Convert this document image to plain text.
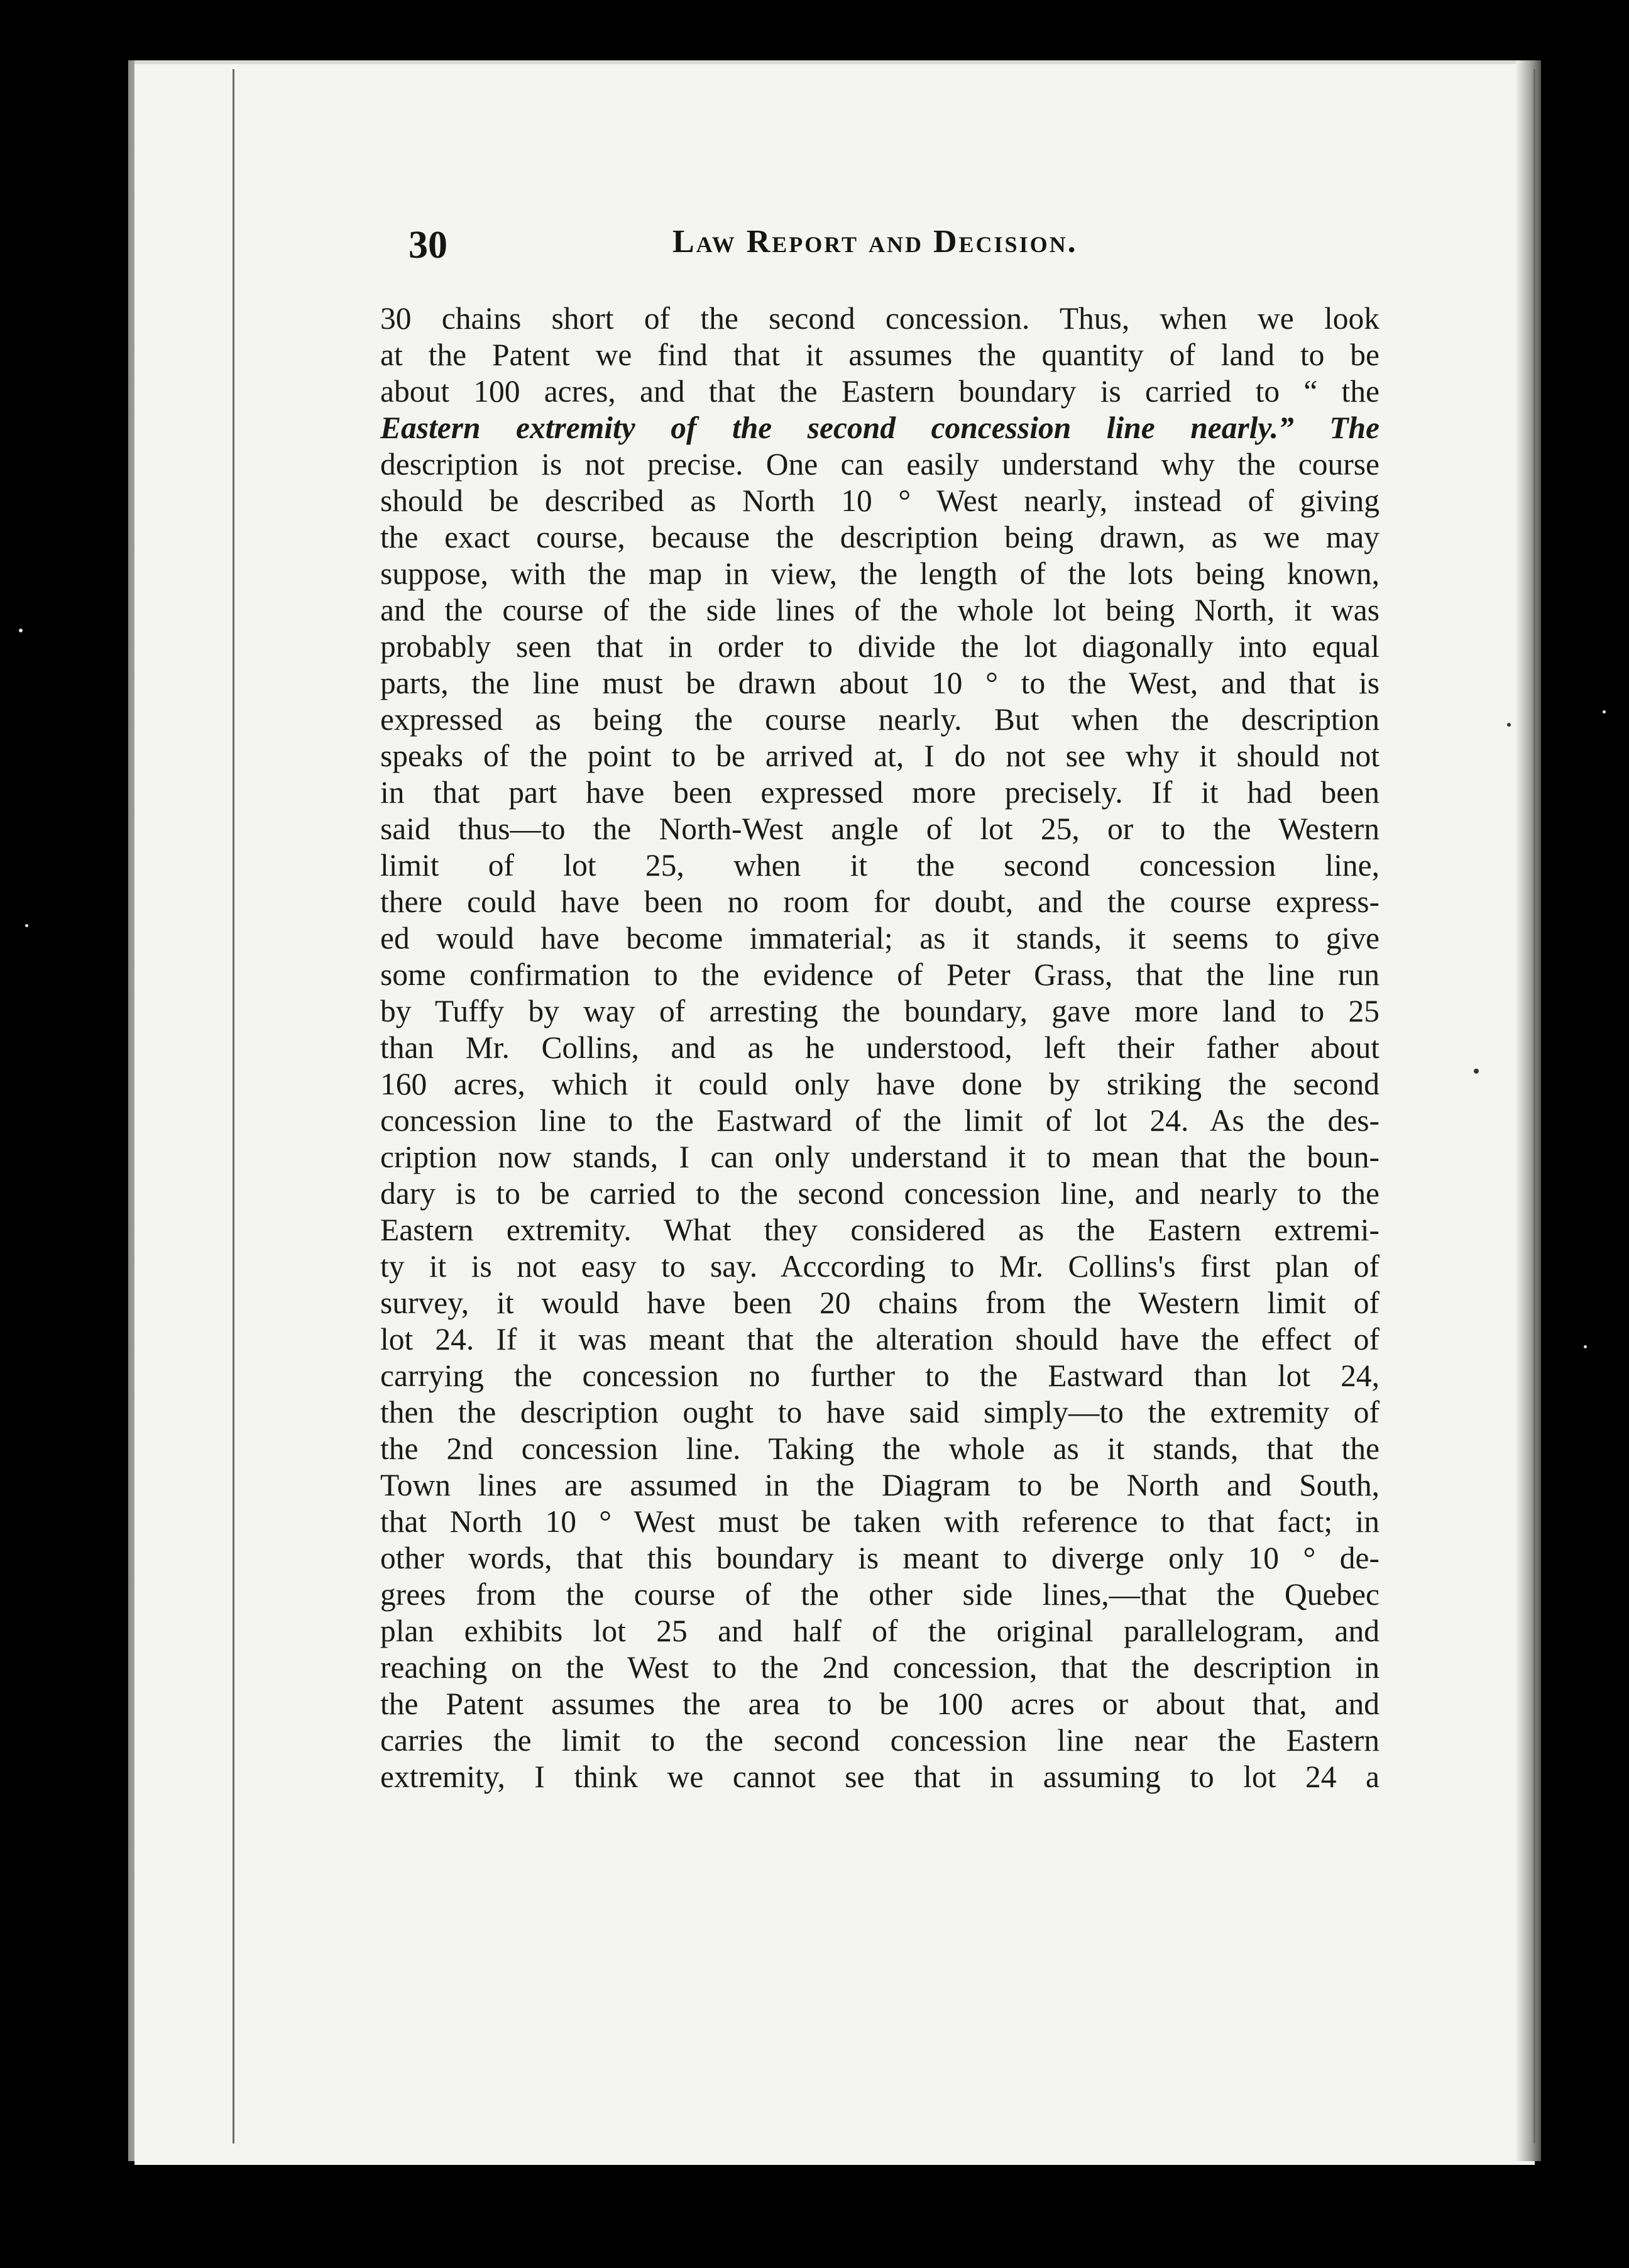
30	Law Report and Decision.
30 chains short of the second concession. Thus, when we look
at the Patent we find that it assumes the quantity of land to be
about 100 acres, and that the Eastern boundary is carried to “ the
Eastern extremity of the second concession line nearly.” The
description is not precise. One can easily understand why the course
should be described as North 10 ° West nearly, instead of giving
the exact course, because the description being drawn, as we may
suppose, with the map in view, the length of the lots being known,
and the course of the side lines of the whole lot being North, it was
probably seen that in order to divide the lot diagonally into equal
parts, the line must be drawn about 10 ° to the West, and that is
expressed as being the course nearly. But when the description
speaks of the point to be arrived at, I do not see why it should not
in that part have been expressed more precisely. If it had been
said thus—to the North-West angle of lot 25, or to the Western
limit of lot 25, when it the second concession line,
there could have been no room for doubt, and the course express-
ed would have become immaterial; as it stands, it seems to give
some confirmation to the evidence of Peter Grass, that the line run
by Tuffy by way of arresting the boundary, gave more land to 25
than Mr. Collins, and as he understood, left their father about
160 acres, which it could only have done by striking the second
concession line to the Eastward of the limit of lot 24. As the des-
cription now stands, I can only understand it to mean that the boun-
dary is to be carried to the second concession line, and nearly to the
Eastern extremity. What they considered as the Eastern extremi-
ty it is not easy to say. Acccording to Mr. Collins's first plan of
survey, it would have been 20 chains from the Western limit of
lot 24. If it was meant that the alteration should have the effect of
carrying the concession no further to the Eastward than lot 24,
then the description ought to have said simply—to the extremity of
the 2nd concession line. Taking the whole as it stands, that the
Town lines are assumed in the Diagram to be North and South,
that North 10 ° West must be taken with reference to that fact; in
other words, that this boundary is meant to diverge only 10 ° de-
grees from the course of the other side lines,—that the Quebec
plan exhibits lot 25 and half of the original parallelogram, and
reaching on the West to the 2nd concession, that the description in
the Patent assumes the area to be 100 acres or about that, and
carries the limit to the second concession line near the Eastern
extremity, I think we cannot see that in assuming to lot 24 a
